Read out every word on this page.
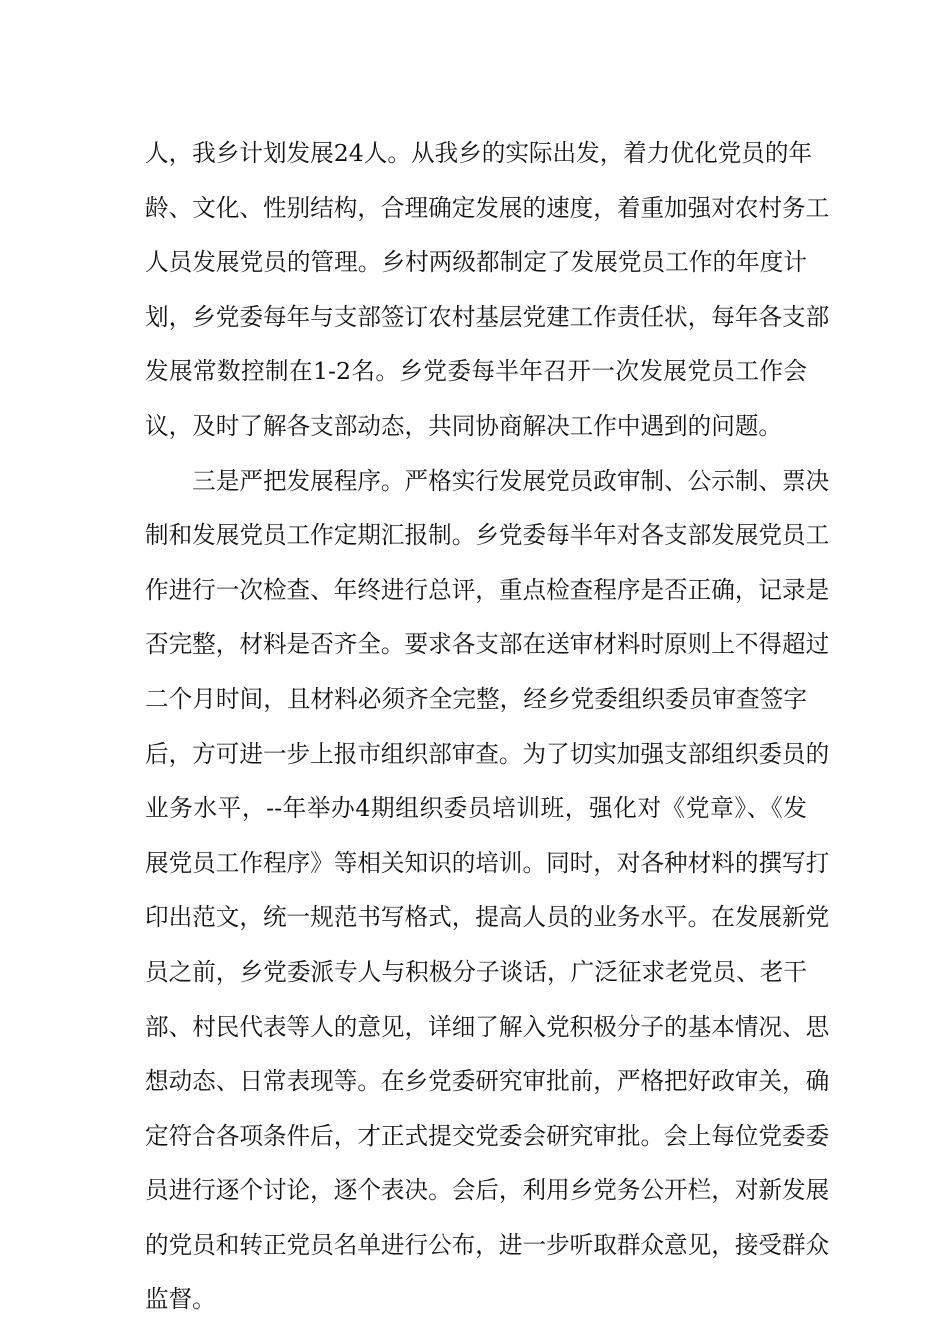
人，我乡计划发展24人。从我乡的实际出发，着力优化党员的年
龄、文化、性别结构，合理确定发展的速度，着重加强对农村务工
人员发展党员的管理。乡村两级都制定了发展党员工作的年度计
划，乡党委每年与支部签订农村基层党建工作责任状，每年各支部
发展常数控制在1-2名。乡党委每半年召开一次发展党员工作会
议，及时了解各支部动态，共同协商解决工作中遇到的问题。
　　三是严把发展程序。严格实行发展党员政审制、公示制、票决
制和发展党员工作定期汇报制。乡党委每半年对各支部发展党员工
作进行一次检查、年终进行总评，重点检查程序是否正确，记录是
否完整，材料是否齐全。要求各支部在送审材料时原则上不得超过
二个月时间，且材料必须齐全完整，经乡党委组织委员审查签字
后，方可进一步上报市组织部审查。为了切实加强支部组织委员的
业务水平，--年举办4期组织委员培训班，强化对《党章》、《发
展党员工作程序》等相关知识的培训。同时，对各种材料的撰写打
印出范文，统一规范书写格式，提高人员的业务水平。在发展新党
员之前，乡党委派专人与积极分子谈话，广泛征求老党员、老干
部、村民代表等人的意见，详细了解入党积极分子的基本情况、思
想动态、日常表现等。在乡党委研究审批前，严格把好政审关，确
定符合各项条件后，才正式提交党委会研究审批。会上每位党委委
员进行逐个讨论，逐个表决。会后，利用乡党务公开栏，对新发展
的党员和转正党员名单进行公布，进一步听取群众意见，接受群众
监督。
